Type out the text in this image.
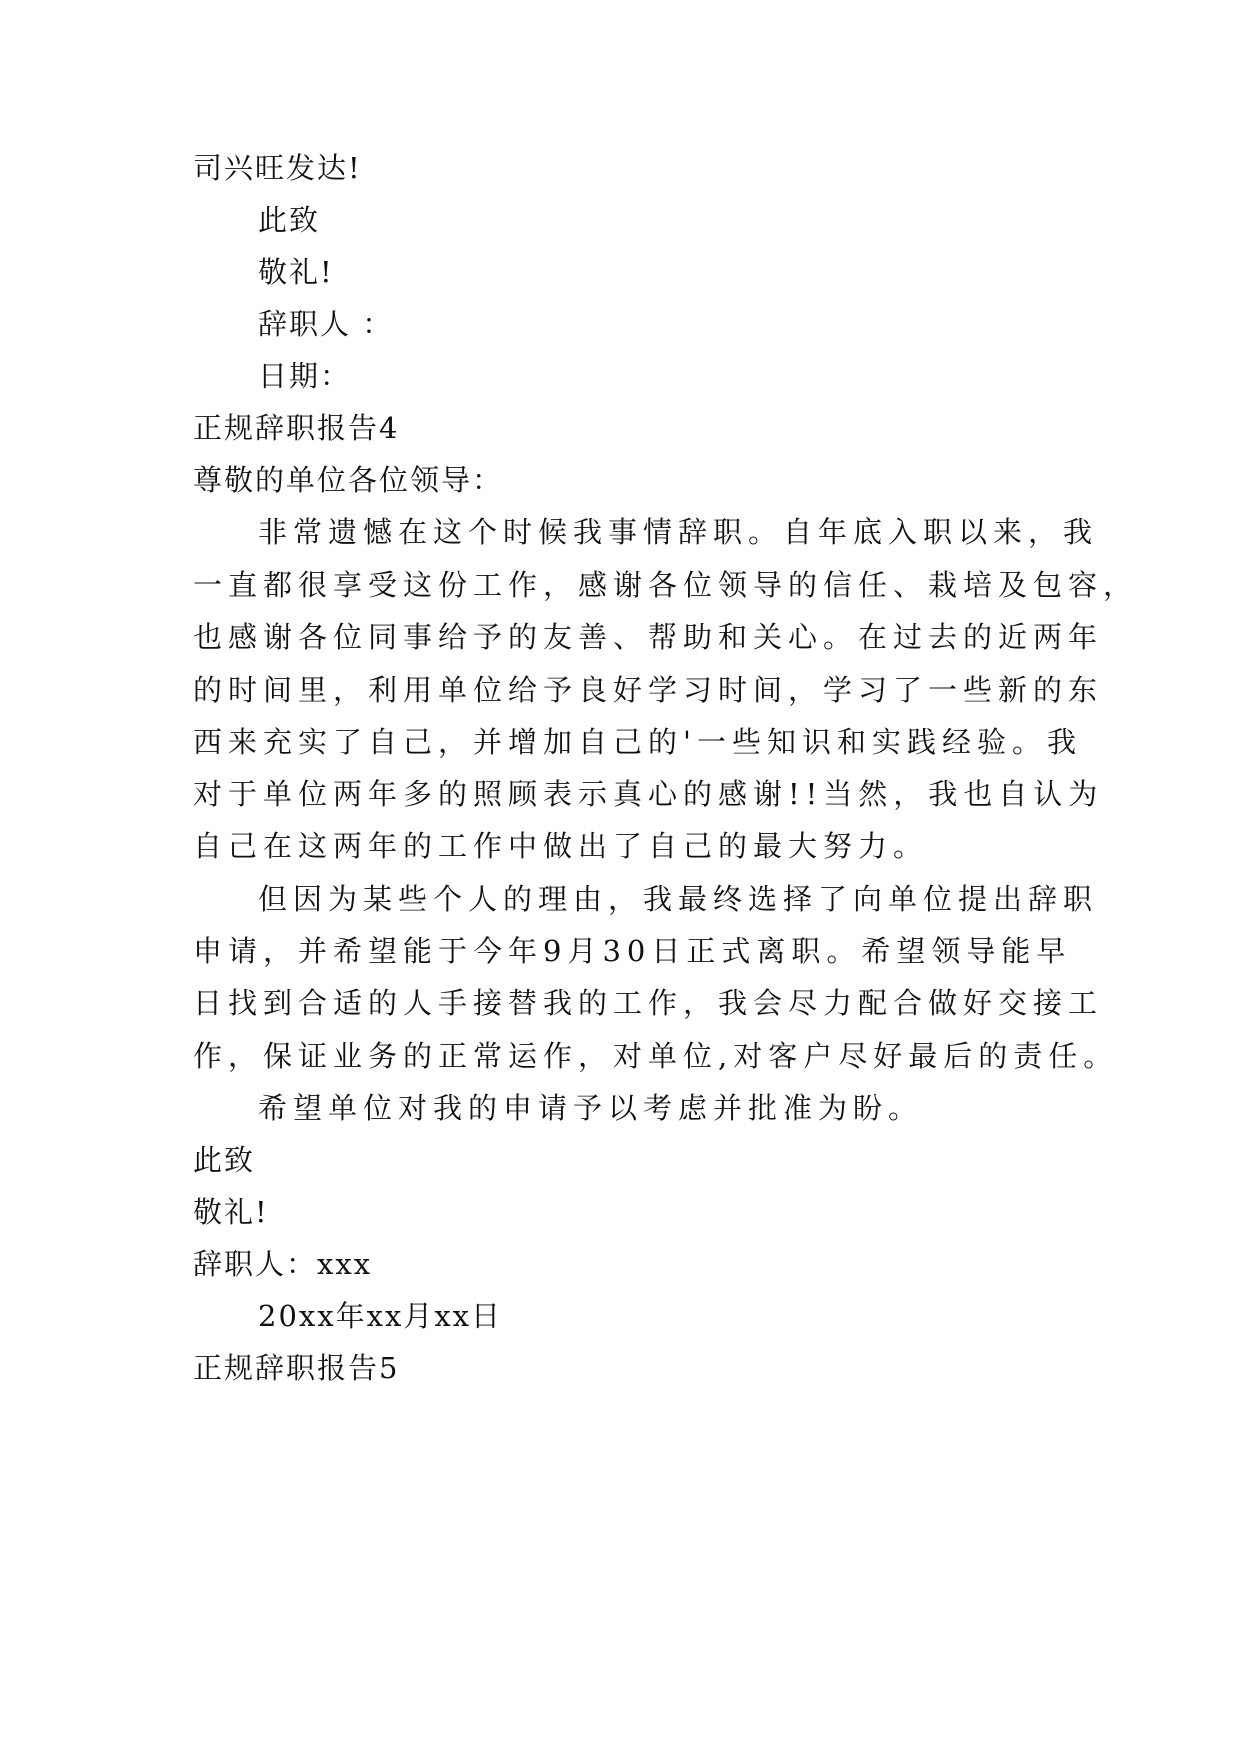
司兴旺发达!
此致
敬礼!
辞职人 ：
日期：
正规辞职报告4
尊敬的单位各位领导：
非常遗憾在这个时候我事情辞职。自年底入职以来，我
一直都很享受这份工作，感谢各位领导的信任、栽培及包容，
也感谢各位同事给予的友善、帮助和关心。在过去的近两年
的时间里，利用单位给予良好学习时间，学习了一些新的东
西来充实了自己，并增加自己的'一些知识和实践经验。我
对于单位两年多的照顾表示真心的感谢!!当然，我也自认为
自己在这两年的工作中做出了自己的最大努力。
但因为某些个人的理由，我最终选择了向单位提出辞职
申请，并希望能于今年9月30日正式离职。希望领导能早
日找到合适的人手接替我的工作，我会尽力配合做好交接工
作，保证业务的正常运作，对单位,对客户尽好最后的责任。
希望单位对我的申请予以考虑并批准为盼。
此致
敬礼!
辞职人：xxx
20xx年xx月xx日
正规辞职报告5
